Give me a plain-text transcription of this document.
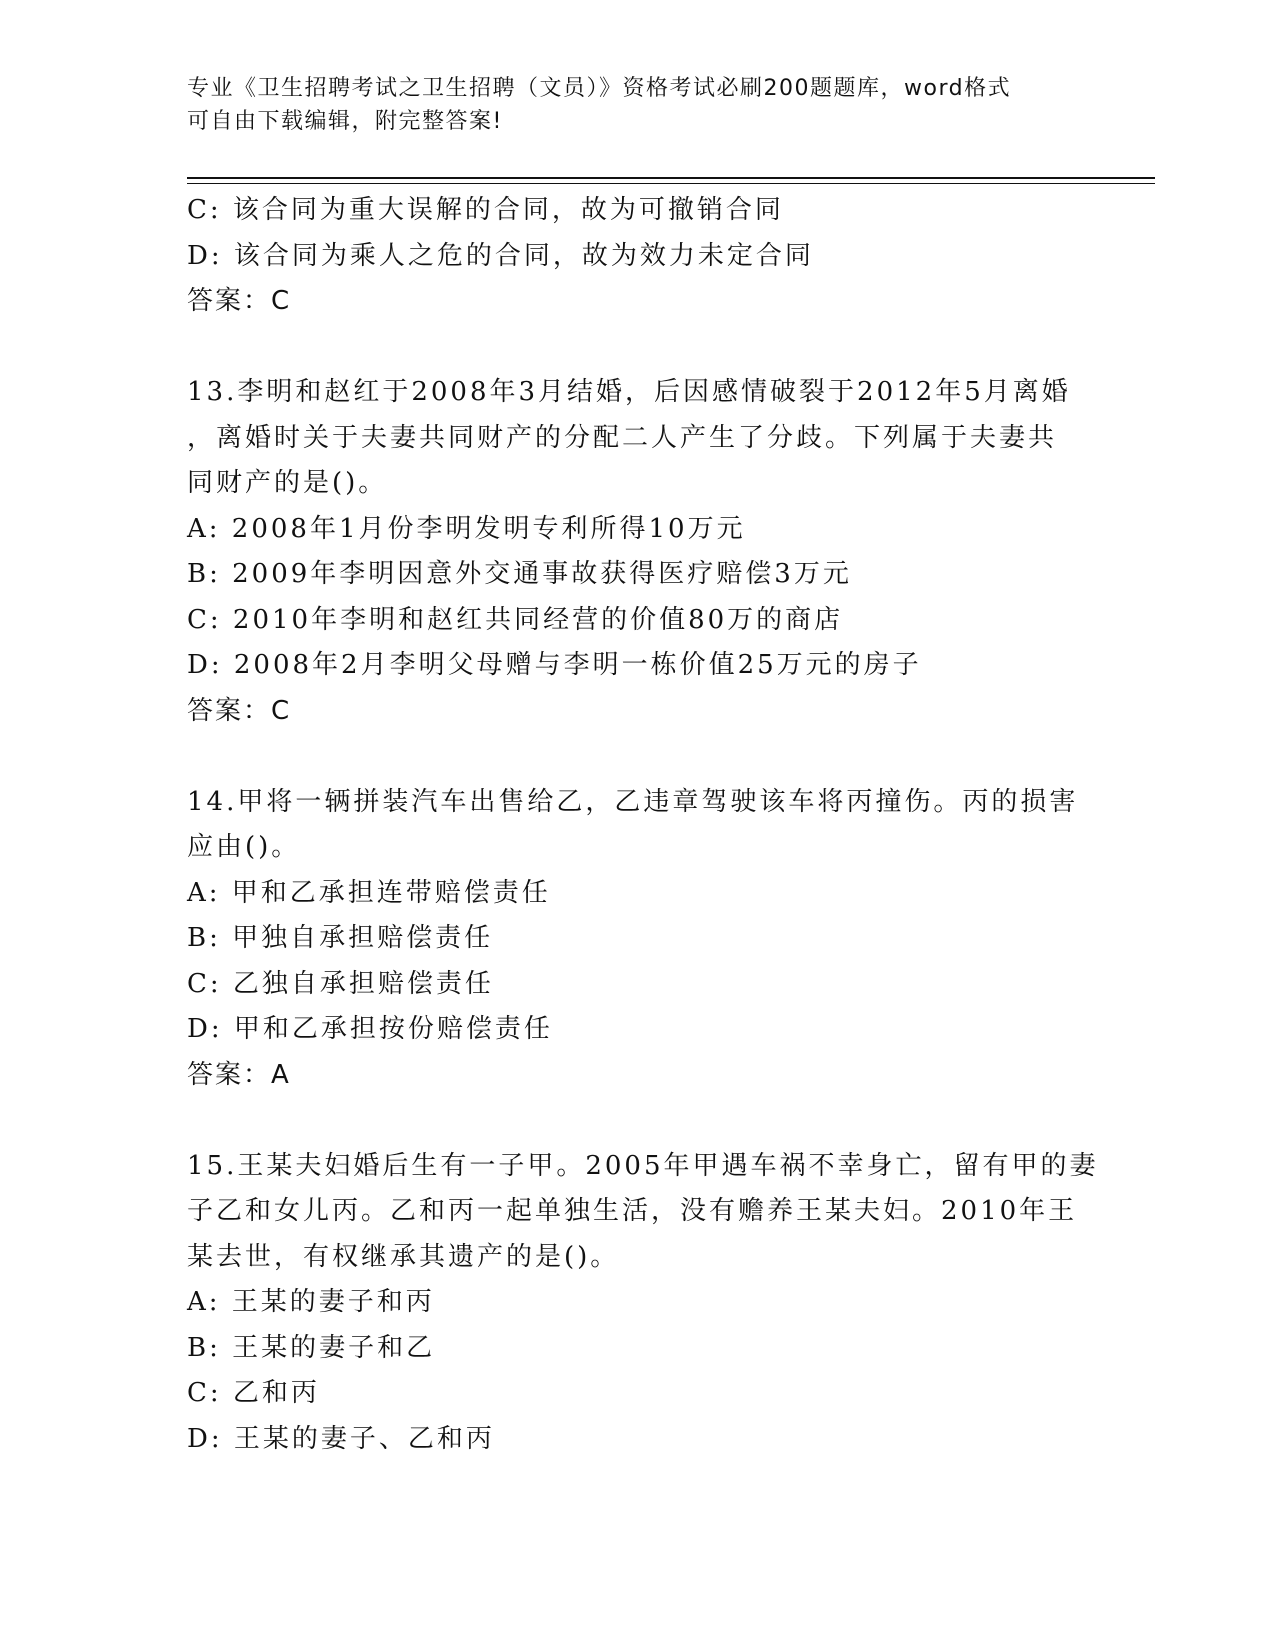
专业《卫生招聘考试之卫生招聘（文员）》资格考试必刷200题题库，word格式

可自由下载编辑，附完整答案!

C: 该合同为重大误解的合同，故为可撤销合同
D: 该合同为乘人之危的合同，故为效力未定合同
答案：C
13.李明和赵红于2008年3月结婚，后因感情破裂于2012年5月离婚
，离婚时关于夫妻共同财产的分配二人产生了分歧。下列属于夫妻共
同财产的是()。
A: 2008年1月份李明发明专利所得10万元
B: 2009年李明因意外交通事故获得医疗赔偿3万元
C: 2010年李明和赵红共同经营的价值80万的商店
D: 2008年2月李明父母赠与李明一栋价值25万元的房子
答案：C
14.甲将一辆拼装汽车出售给乙，乙违章驾驶该车将丙撞伤。丙的损害
应由()。
A: 甲和乙承担连带赔偿责任
B: 甲独自承担赔偿责任
C: 乙独自承担赔偿责任
D: 甲和乙承担按份赔偿责任
答案：A
15.王某夫妇婚后生有一子甲。2005年甲遇车祸不幸身亡，留有甲的妻
子乙和女儿丙。乙和丙一起单独生活，没有赡养王某夫妇。2010年王
某去世，有权继承其遗产的是()。
A: 王某的妻子和丙
B: 王某的妻子和乙
C: 乙和丙
D: 王某的妻子、乙和丙
